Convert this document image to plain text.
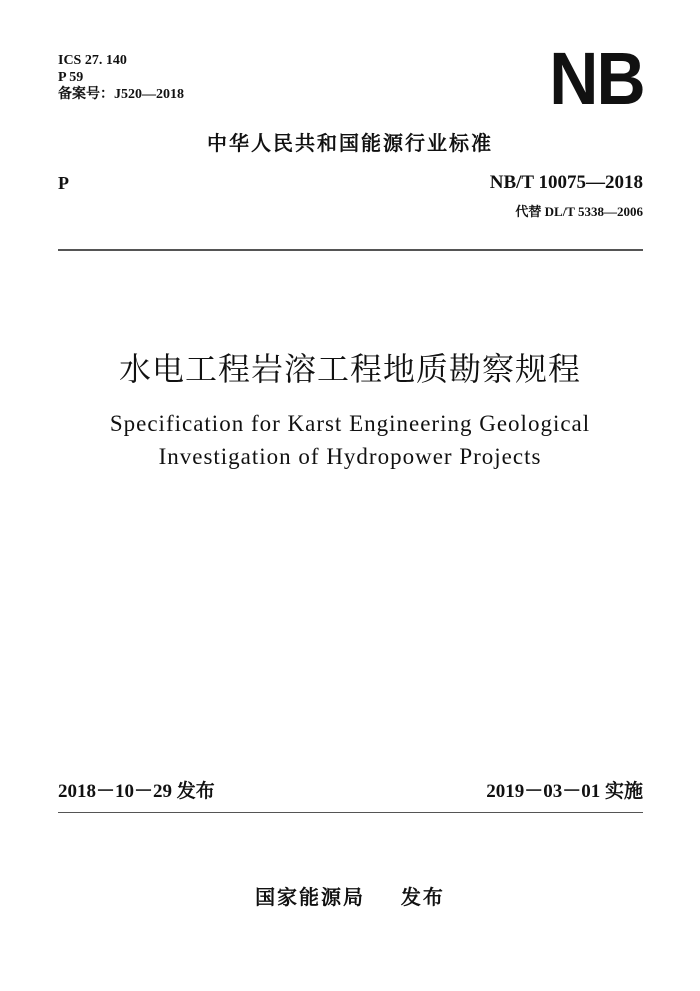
ICS 27. 140
P 59
备案号：J520—2018	NB
中华人民共和国能源行业标准
P	NB/T 10075—2018
代替 DL/T 5338—2006
水电工程岩溶工程地质勘察规程
Specification for Karst Engineering Geological
Investigation of Hydropower Projects
2018－10－29 发布	2019－03－01 实施
国家能源局    发布
